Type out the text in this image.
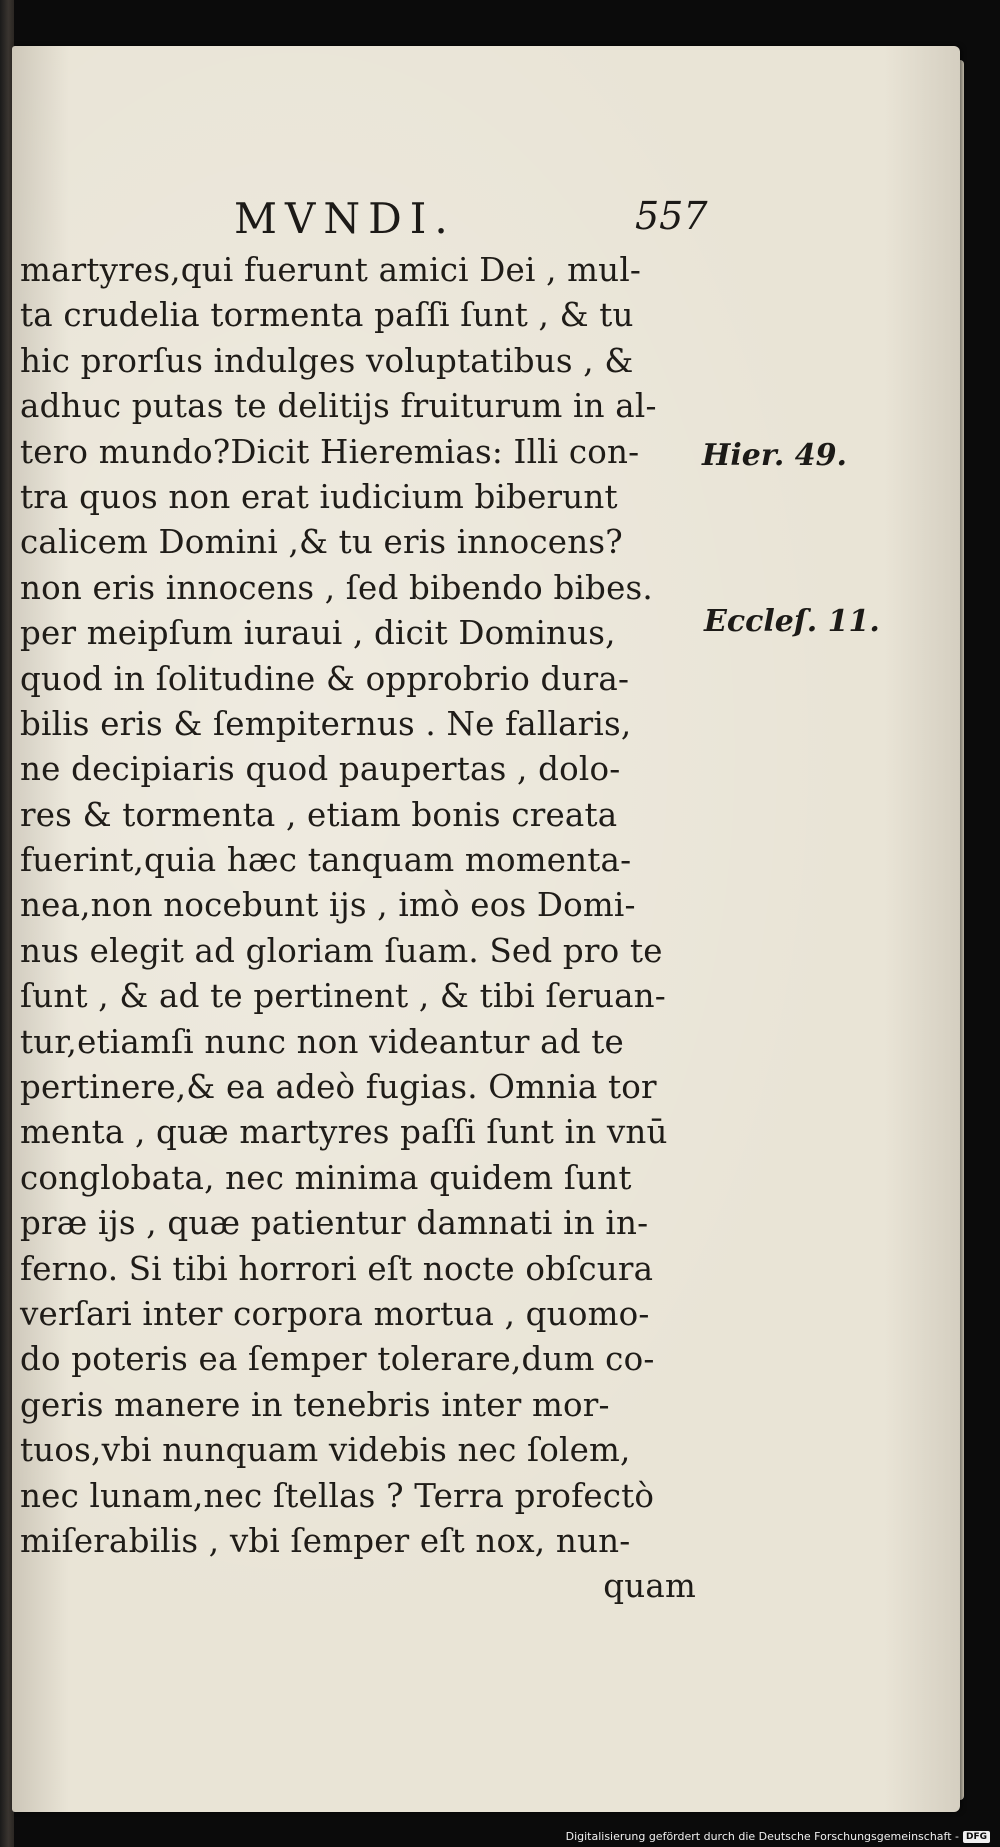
MVNDI.	557
martyres,qui fuerunt amici Dei , mul-
ta crudelia tormenta paſſi ſunt , & tu
hic prorſus indulges voluptatibus , &
adhuc putas te delitijs fruiturum in al-
tero mundo?Dicit Hieremias: Illi con-
tra quos non erat iudicium biberunt
calicem Domini ,& tu eris innocens?
non eris innocens , ſed bibendo bibes.
per meipſum iuraui , dicit Dominus,
quod in ſolitudine & opprobrio dura-
bilis eris & ſempiternus . Ne fallaris,
ne decipiaris quod paupertas , dolo-
res & tormenta , etiam bonis creata
fuerint,quia hæc tanquam momenta-
nea,non nocebunt ijs , imò eos Domi-
nus elegit ad gloriam ſuam. Sed pro te
ſunt , & ad te pertinent , & tibi ſeruan-
tur,etiamſi nunc non videantur ad te
pertinere,& ea adeò fugias. Omnia tor
menta , quæ martyres paſſi ſunt in vnū
conglobata, nec minima quidem ſunt
præ ijs , quæ patientur damnati in in-
ferno. Si tibi horrori eſt nocte obſcura
verſari inter corpora mortua , quomo-
do poteris ea ſemper tolerare,dum co-
geris manere in tenebris inter mor-
tuos,vbi nunquam videbis nec ſolem,
nec lunam,nec ſtellas ? Terra profectò
miſerabilis , vbi ſemper eſt nox, nun-
quam
Hier. 49.
Eccleſ. 11.
Digitalisierung gefördert durch die Deutsche Forschungsgemeinschaft - DFG
